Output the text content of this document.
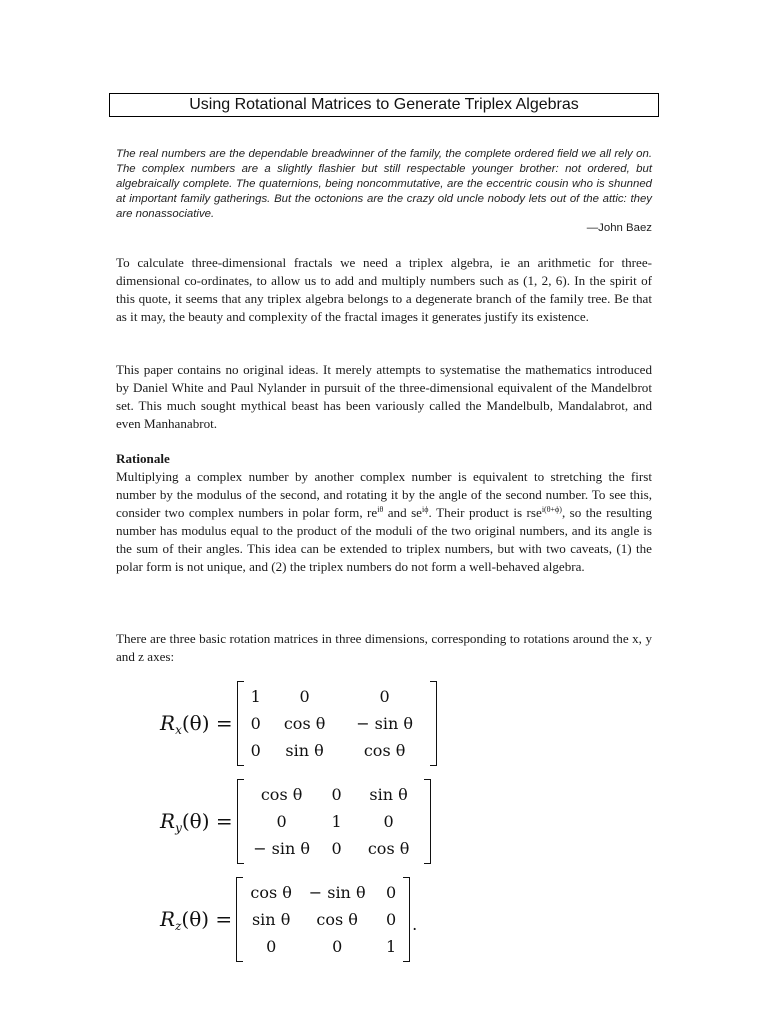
Using Rotational Matrices to Generate Triplex Algebras
The real numbers are the dependable breadwinner of the family, the complete ordered field we all rely on. The complex numbers are a slightly flashier but still respectable younger brother: not ordered, but algebraically complete. The quaternions, being noncommutative, are the eccentric cousin who is shunned at important family gatherings. But the octonions are the crazy old uncle nobody lets out of the attic: they are nonassociative.
—John Baez

To calculate three-dimensional fractals we need a triplex algebra, ie an arithmetic for three-dimensional co-ordinates, to allow us to add and multiply numbers such as (1, 2, 6). In the spirit of this quote, it seems that any triplex algebra belongs to a degenerate branch of the family tree. Be that as it may, the beauty and complexity of the fractal images it generates justify its existence.

This paper contains no original ideas. It merely attempts to systematise the mathematics introduced by Daniel White and Paul Nylander in pursuit of the three-dimensional equivalent of the Mandelbrot set. This much sought mythical beast has been variously called the Mandelbulb, Mandalabrot, and even Manhanabrot.

Rationale
Multiplying a complex number by another complex number is equivalent to stretching the first number by the modulus of the second, and rotating it by the angle of the second number. To see this, consider two complex numbers in polar form, $re^{i\theta}$ and $se^{i\phi}$. Their product is rse$^{i(\theta+\phi)}$, so the resulting number has modulus equal to the product of the moduli of the two original numbers, and its angle is the sum of their angles. This idea can be extended to triplex numbers, but with two caveats, (1) the polar form is not unique, and (2) the triplex numbers do not form a well-behaved algebra.

There are three basic rotation matrices in three dimensions, corresponding to rotations around the x, y and z axes:

$R_x(\theta)$ =
1	0	0
0	cos θ	− sin θ
0	sin θ	cos θ
$R_y(\theta)$ =
cos θ	0	sin θ
0	1	0
− sin θ	0	cos θ
$R_z(\theta)$ =
cos θ	− sin θ	0
sin θ	cos θ	0
0	0	1
.
